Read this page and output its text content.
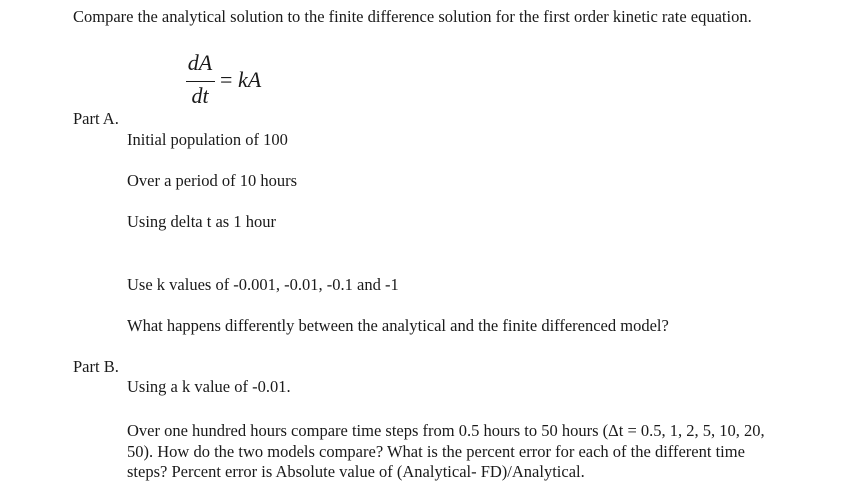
Compare the analytical solution to the finite difference solution for the first order kinetic rate equation.
dA
dt
= kA
Part A.
Initial population of 100
Over a period of 10 hours
Using delta t as 1 hour
Use k values of -0.001, -0.01, -0.1 and -1
What happens differently between the analytical and the finite differenced model?
Part B.
Using a k value of -0.01.
Over one hundred hours compare time steps from 0.5 hours to 50 hours (Δt = 0.5, 1, 2, 5, 10, 20, 50). How do the two models compare? What is the percent error for each of the different time steps? Percent error is Absolute value of (Analytical- FD)/Analytical.
